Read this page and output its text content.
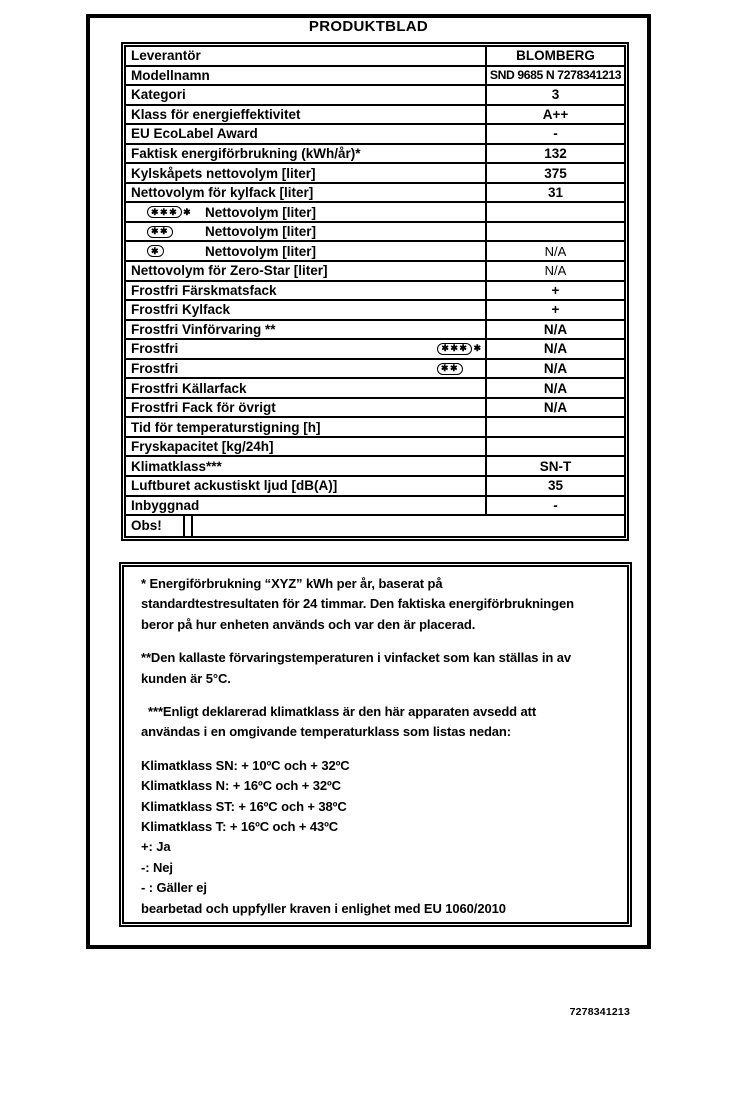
PRODUKTBLAD
Leverantör	BLOMBERG
Modellnamn	SND 9685 N 7278341213
Kategori	3
Klass för energieffektivitet	A++
EU EcoLabel Award	-
Faktisk energiförbrukning (kWh/år)*	132
Kylskåpets nettovolym [liter]	375
Nettovolym för kylfack [liter]	31
✱✱✱ ✱ Nettovolym [liter]
✱✱	Nettovolym [liter]
✱	Nettovolym [liter]	N/A
Nettovolym för Zero-Star [liter]	N/A
Frostfri Färskmatsfack	+
Frostfri Kylfack	+
Frostfri Vinförvaring **	N/A
Frostfri	✱✱✱ ✱	N/A
Frostfri	✱✱	N/A
Frostfri Källarfack	N/A
Frostfri Fack för övrigt	N/A
Tid för temperaturstigning [h]
Fryskapacitet [kg/24h]
Klimatklass***	SN-T
Luftburet ackustiskt ljud [dB(A)]	35
Inbyggnad	-
Obs!
* Energiförbrukning “XYZ” kWh per år, baserat på
standardtestresultaten för 24 timmar. Den faktiska energiförbrukningen
beror på hur enheten används och var den är placerad.
**Den kallaste förvaringstemperaturen i vinfacket som kan ställas in av
kunden är 5°C.
***Enligt deklarerad klimatklass är den här apparaten avsedd att
användas i en omgivande temperaturklass som listas nedan:
Klimatklass SN: + 10ºC och + 32ºC
Klimatklass N: + 16ºC och + 32ºC
Klimatklass ST: + 16ºC och + 38ºC
Klimatklass T: + 16ºC och + 43ºC
+: Ja
-: Nej
- : Gäller ej
bearbetad och uppfyller kraven i enlighet med EU 1060/2010
7278341213
